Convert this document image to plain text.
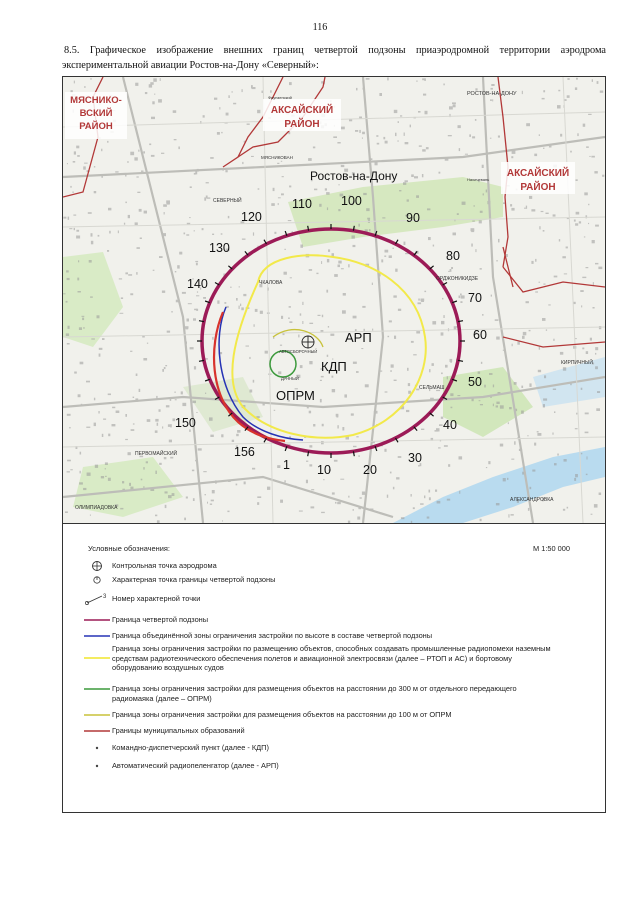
116
8.5. Графическое изображение внешних границ четвертой подзоны приаэродромной территории аэродрома экспериментальной авиации Ростов-на-Дону «Северный»:
МЯСНИКО-
ВСКИЙ
РАЙОН
АКСАЙСКИЙ
РАЙОН
АКСАЙСКИЙ
РАЙОН
Ростов-на-Дону
РОСТОВ-НА-ДОНУ
СЕВЕРНЫЙ
ЧКАЛОВА
ОРДЖОНИКИДЗЕ
КИРПИЧНЫЙ
СЕЛЬМАШ
ПЕРВОМАЙСКИЙ
ОЛИМПИАДОВКА
АЛЕКСАНДРОВКА
МЯСНИКОВАН
Фрунзенский
Нахичевань
АВТОСБОРОЧНЫЙ
ДАЧНЫЙ
АРП
КДП
ОПРМ
1 10	20
30
40
50
60
70
80
90
100
110
120
130
140
150
156
Условные обозначения:	М 1:50 000
Контрольная точка аэродрома
Характерная точка границы четвертой подзоны
3 Номер характерной точки
Граница четвертой подзоны
Граница объединённой зоны ограничения застройки по высоте в составе четвертой подзоны
Граница зоны ограничения застройки по размещению объектов, способных создавать промышленные радиопомехи наземным средствам радиотехнического обеспечения полетов и авиационной электросвязи (далее – РТОП и АС) и бортовому оборудованию воздушных судов
Граница зоны ограничения застройки для размещения объектов на расстоянии до 300 м от отдельного передающего радиомаяка (далее – ОПРМ)
Граница зоны ограничения застройки для размещения объектов на расстоянии до 100 м от ОПРМ
Границы муниципальных образований
Командно-диспетчерский пункт (далее - КДП)
Автоматический радиопеленгатор (далее - АРП)
